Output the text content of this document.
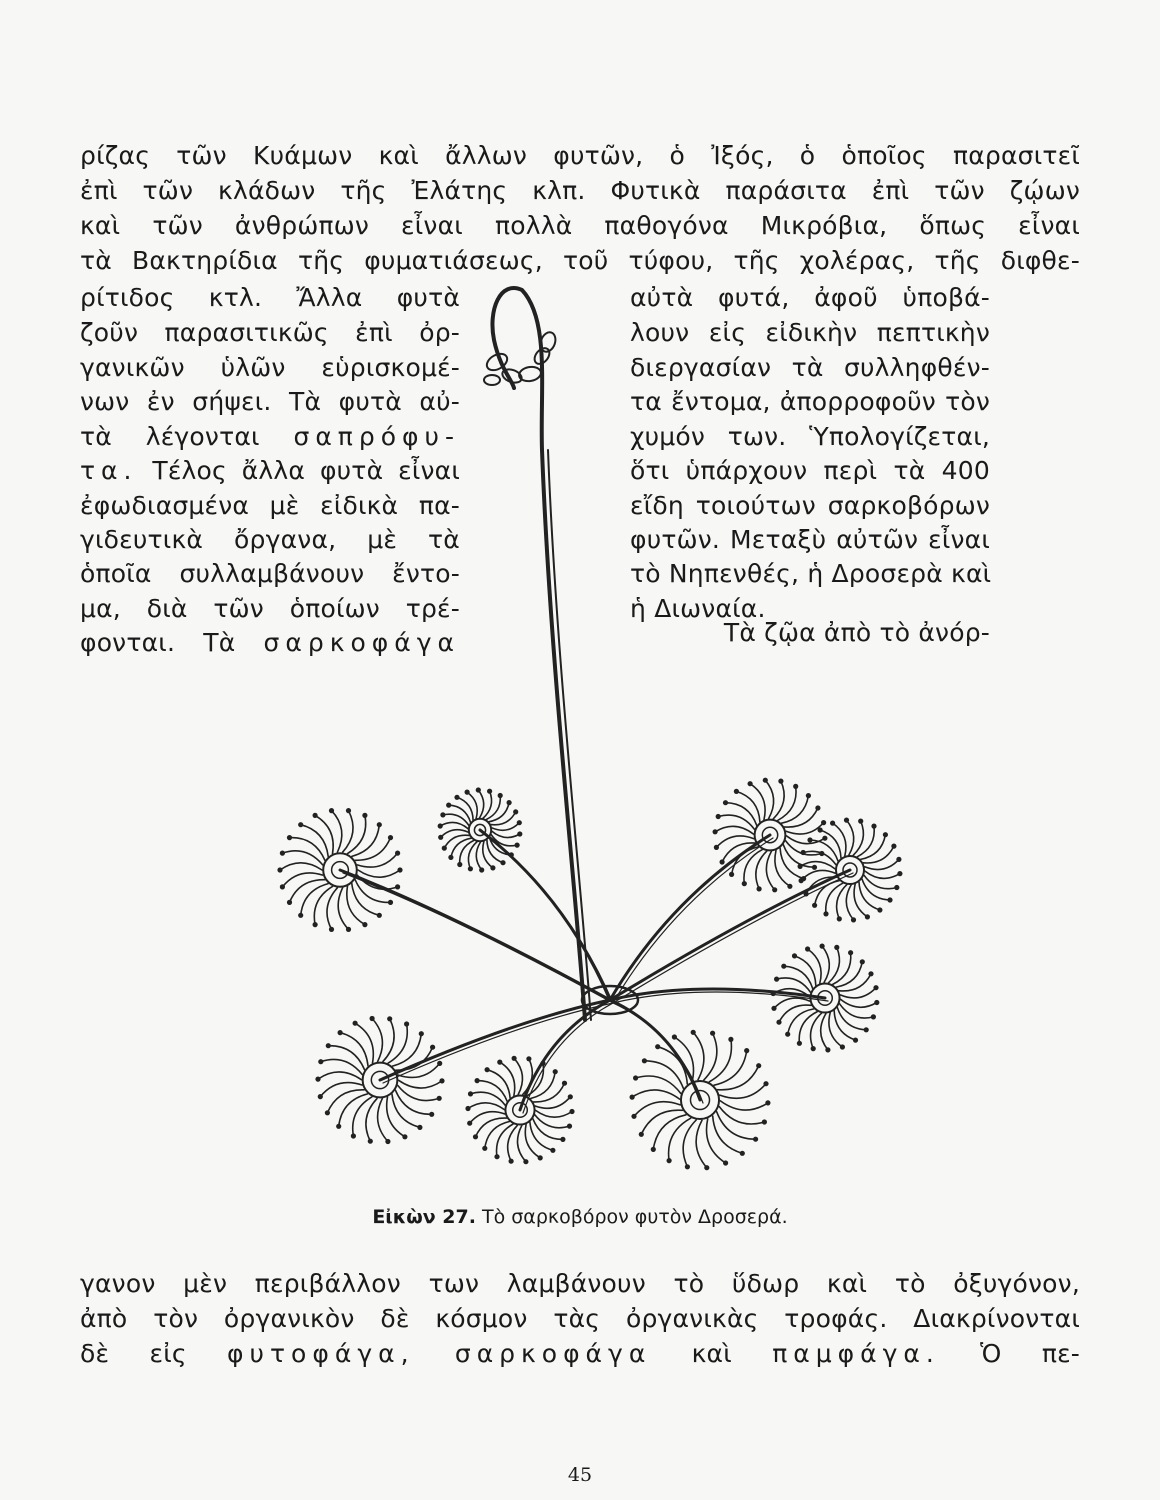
ρίζας τῶν Κυάμων καὶ ἄλλων φυτῶν, ὁ Ἰξός, ὁ ὁποῖος παρασιτεῖ
ἐπὶ τῶν κλάδων τῆς Ἐλάτης κλπ. Φυτικὰ παράσιτα ἐπὶ τῶν ζῴων
καὶ τῶν ἀνθρώπων εἶναι πολλὰ παθογόνα Μικρόβια, ὅπως εἶναι
τὰ Βακτηρίδια τῆς φυματιάσεως, τοῦ τύφου, τῆς χολέρας, τῆς διφθε-
ρίτιδος κτλ. Ἄλλα φυτὰ
ζοῦν παρασιτικῶς ἐπὶ ὀρ-
γανικῶν ὑλῶν εὑρισκομέ-
νων ἐν σήψει. Τὰ φυτὰ αὐ-
τὰ λέγονται σαπρόφυ-
τα. Τέλος ἄλλα φυτὰ εἶναι
ἐφωδιασμένα μὲ εἰδικὰ πα-
γιδευτικὰ ὄργανα, μὲ τὰ
ὁποῖα συλλαμβάνουν ἔντο-
μα, διὰ τῶν ὁποίων τρέ-
φονται. Τὰ σαρκοφάγα
αὐτὰ φυτά, ἀφοῦ ὑποβά-
λουν εἰς εἰδικὴν πεπτικὴν
διεργασίαν τὰ συλληφθέν-
τα ἔντομα, ἀπορροφοῦν τὸν
χυμόν των. Ὑπολογίζεται,
ὅτι ὑπάρχουν περὶ τὰ 400
εἴδη τοιούτων σαρκοβόρων
φυτῶν. Μεταξὺ αὐτῶν εἶναι
τὸ Νηπενθές, ἡ Δροσερὰ καὶ
ἡ Διωναία.
Τὰ ζῷα ἀπὸ τὸ ἀνόρ-
Εἰκὼν 27. Τὸ σαρκοβόρον φυτὸν Δροσερά.
γανον μὲν περιβάλλον των λαμβάνουν τὸ ὕδωρ καὶ τὸ ὀξυγόνον,
ἀπὸ τὸν ὀργανικὸν δὲ κόσμον τὰς ὀργανικὰς τροφάς. Διακρίνονται
δὲ εἰς φυτοφάγα, σαρκοφάγα καὶ παμφάγα. Ὁ πε-
45
